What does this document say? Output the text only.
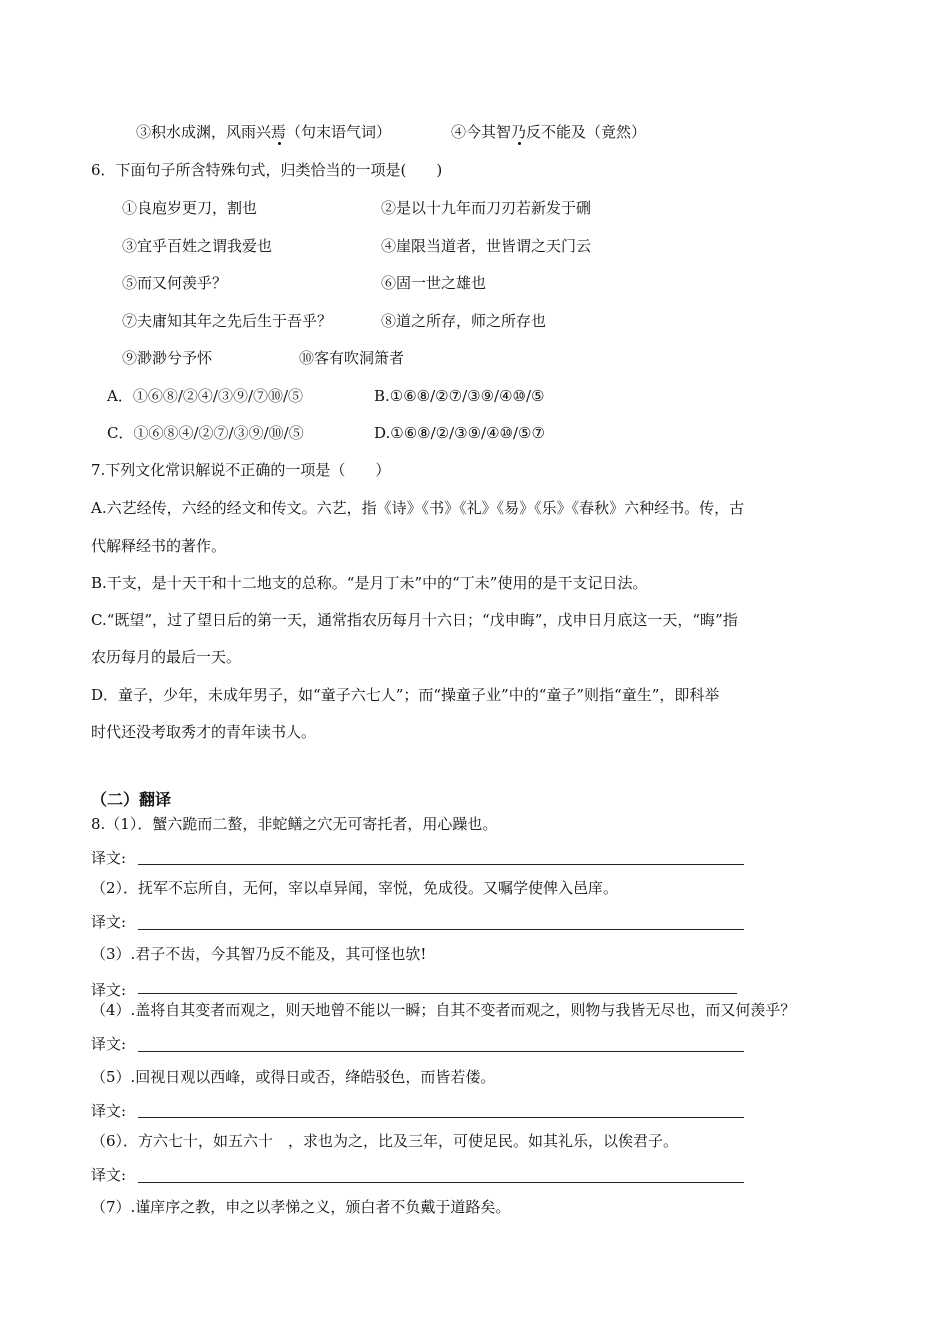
③积水成渊，风雨兴焉（句末语气词）	④今其智乃反不能及（竟然）
6．下面句子所含特殊句式，归类恰当的一项是(　　)
①良庖岁更刀，割也	②是以十九年而刀刃若新发于硎
③宜乎百姓之谓我爱也	④崖限当道者，世皆谓之天门云
⑤而又何羡乎？	⑥固一世之雄也
⑦夫庸知其年之先后生于吾乎？	⑧道之所存，师之所存也
⑨渺渺兮予怀	⑩客有吹洞箫者
A．①⑥⑧/②④/③⑨/⑦⑩/⑤	B.①⑥⑧/②⑦/③⑨/④⑩/⑤
C．①⑥⑧④/②⑦/③⑨/⑩/⑤	D.①⑥⑧/②/③⑨/④⑩/⑤⑦
7.下列文化常识解说不正确的一项是（　　）
A.六艺经传，六经的经文和传文。六艺，指《诗》《书》《礼》《易》《乐》《春秋》六种经书。传，古
代解释经书的著作。
B.干支，是十天干和十二地支的总称。“是月丁未”中的“丁未”使用的是干支记日法。
C.“既望”，过了望日后的第一天，通常指农历每月十六日；“戊申晦”，戊申日月底这一天，“晦”指
农历每月的最后一天。
D．童子，少年，未成年男子，如“童子六七人”；而“操童子业”中的“童子”则指“童生”，即科举
时代还没考取秀才的青年读书人。
（二）翻译
8.（1）．蟹六跪而二螯，非蛇鳝之穴无可寄托者，用心躁也。
译文:
（2）．抚军不忘所自，无何，宰以卓异闻，宰悦，免成役。又嘱学使俾入邑庠。
译文:
（3）.君子不齿，今其智乃反不能及，其可怪也欤!
译文:
（4）.盖将自其变者而观之，则天地曾不能以一瞬；自其不变者而观之，则物与我皆无尽也，而又何羡乎？
译文:
（5）.回视日观以西峰，或得日或否，绛皓驳色，而皆若偻。
译文:
（6）．方六七十，如五六十　，求也为之，比及三年，可使足民。如其礼乐，以俟君子。
译文:
（7）.谨庠序之教，申之以孝悌之义，颁白者不负戴于道路矣。
